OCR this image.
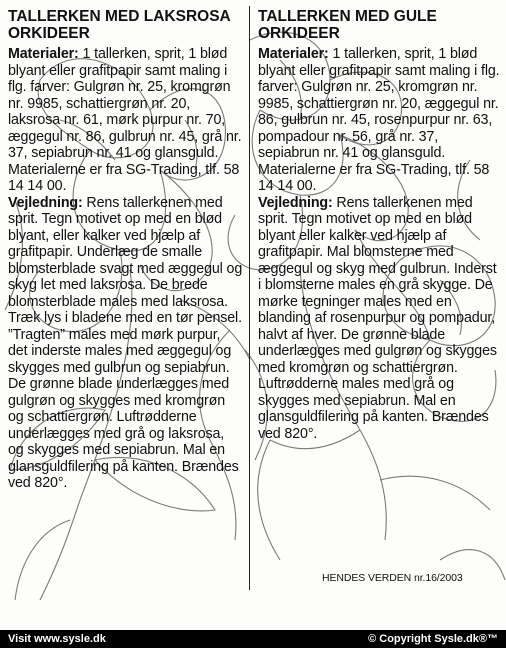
TALLERKEN MED LAKSROSA ORKIDEER

Materialer: 1 tallerken, sprit, 1 blød blyant eller grafitpapir samt maling i flg. farver: Gulgrøn nr. 25, kromgrøn nr. 9985, schattiergrøn nr. 20, laksrosa nr. 61, mørk purpur nr. 70, æggegul nr. 86, gulbrun nr. 45, grå nr. 37, sepiabrun nr. 41 og glansguld. Materialerne er fra SG-Trading, tlf. 58 14 14 00.

Vejledning: Rens tallerkenen med sprit. Tegn motivet op med en blød blyant, eller kalker ved hjælp af grafitpapir. Underlæg de smalle blomsterblade svagt med æggegul og skyg let med laksrosa. De brede blomsterblade males med laksrosa. Træk lys i bladene med en tør pensel. ”Tragten” males med mørk purpur, det inderste males med æggegul og skygges med gulbrun og sepiabrun. De grønne blade underlægges med gulgrøn og skygges med kromgrøn og schattiergrøn. Luftrødderne underlægges med grå og laksrosa, og skygges med sepiabrun. Mal en glansguldfilering på kanten. Brændes ved 820°.

TALLERKEN MED GULE ORKIDEER

Materialer: 1 tallerken, sprit, 1 blød blyant eller grafitpapir samt maling i flg. farver: Gulgrøn nr. 25, kromgrøn nr. 9985, schattiergrøn nr. 20, æggegul nr. 86, gulbrun nr. 45, rosenpurpur nr. 63, pompadour nr. 56, grå nr. 37, sepiabrun nr. 41 og glansguld. Materialerne er fra SG-Trading, tlf. 58 14 14 00.

Vejledning: Rens tallerkenen med sprit. Tegn motivet op med en blød blyant eller kalker ved hjælp af grafitpapir. Mal blomsterne med æggegul og skyg med gulbrun. Inderst i blomsterne males en grå skygge. De mørke tegninger males med en blanding af rosenpurpur og pompadur, halvt af hver. De grønne blade underlægges med gulgrøn og skygges med kromgrøn og schattiergrøn. Luftrødderne males med grå og skygges med sepiabrun. Mal en glansguldfilering på kanten. Brændes ved 820°.

HENDES VERDEN nr.16/2003
Visit www.sysle.dk	© Copyright Sysle.dk®™
